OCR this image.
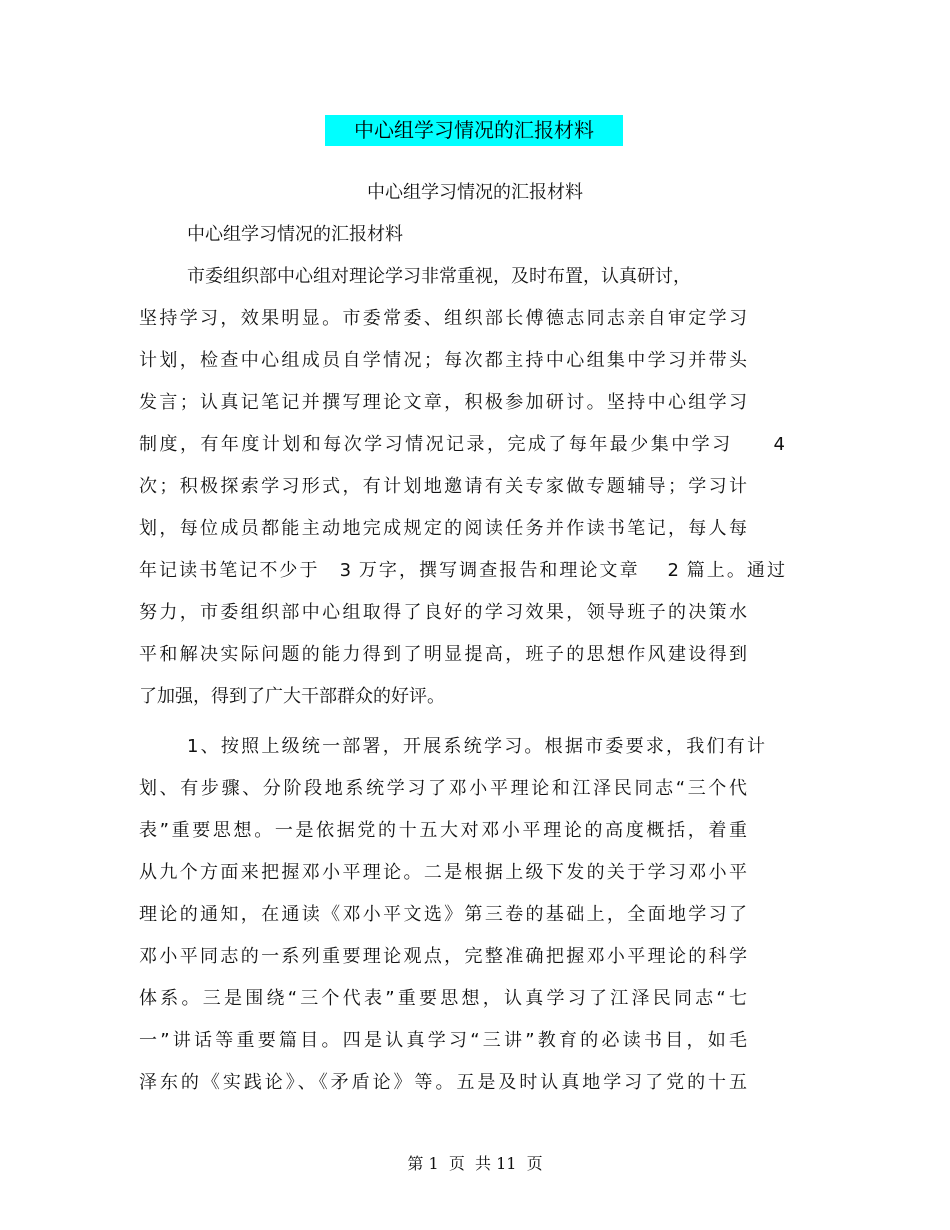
中心组学习情况的汇报材料
中心组学习情况的汇报材料
中心组学习情况的汇报材料
市委组织部中心组对理论学习非常重视，及时布置，认真研讨，
坚持学习，效果明显。市委常委、组织部长傅德志同志亲自审定学习
计划，检查中心组成员自学情况；每次都主持中心组集中学习并带头
发言；认真记笔记并撰写理论文章，积极参加研讨。坚持中心组学习
制度，有年度计划和每次学习情况记录，完成了每年最少集中学习　　4
次；积极探索学习形式，有计划地邀请有关专家做专题辅导；学习计
划，每位成员都能主动地完成规定的阅读任务并作读书笔记，每人每
年记读书笔记不少于　3 万字，撰写调查报告和理论文章　 2 篇上。通过
努力，市委组织部中心组取得了良好的学习效果，领导班子的决策水
平和解决实际问题的能力得到了明显提高，班子的思想作风建设得到
了加强，得到了广大干部群众的好评。
1、按照上级统一部署，开展系统学习。根据市委要求，我们有计
划、有步骤、分阶段地系统学习了邓小平理论和江泽民同志“三个代
表”重要思想。一是依据党的十五大对邓小平理论的高度概括，着重
从九个方面来把握邓小平理论。二是根据上级下发的关于学习邓小平
理论的通知，在通读《邓小平文选》第三卷的基础上，全面地学习了
邓小平同志的一系列重要理论观点，完整准确把握邓小平理论的科学
体系。三是围绕“三个代表”重要思想，认真学习了江泽民同志“七
一”讲话等重要篇目。四是认真学习“三讲”教育的必读书目，如毛
泽东的《实践论》、《矛盾论》等。五是及时认真地学习了党的十五
第 1  页  共 11  页
